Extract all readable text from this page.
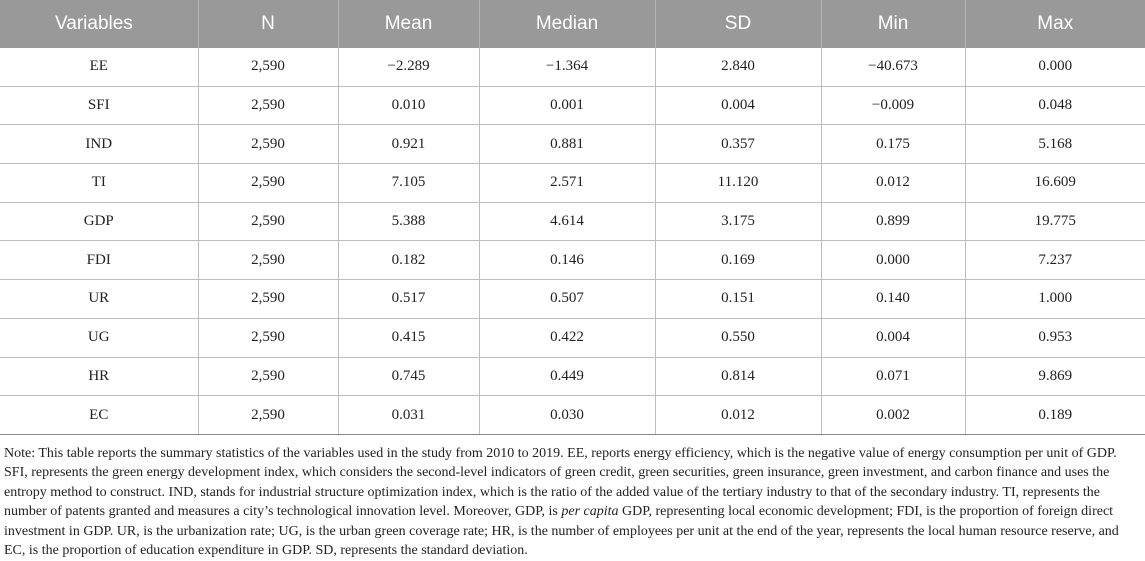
Variables	N	Mean	Median	SD	Min	Max
EE	2,590	−2.289	−1.364	2.840	−40.673	0.000
SFI	2,590	0.010	0.001	0.004	−0.009	0.048
IND	2,590	0.921	0.881	0.357	0.175	5.168
TI	2,590	7.105	2.571	11.120	0.012	16.609
GDP	2,590	5.388	4.614	3.175	0.899	19.775
FDI	2,590	0.182	0.146	0.169	0.000	7.237
UR	2,590	0.517	0.507	0.151	0.140	1.000
UG	2,590	0.415	0.422	0.550	0.004	0.953
HR	2,590	0.745	0.449	0.814	0.071	9.869
EC	2,590	0.031	0.030	0.012	0.002	0.189
Note: This table reports the summary statistics of the variables used in the study from 2010 to 2019. EE, reports energy efficiency, which is the negative value of energy consumption per unit of GDP. SFI, represents the green energy development index, which considers the second-level indicators of green credit, green securities, green insurance, green investment, and carbon finance and uses the entropy method to construct. IND, stands for industrial structure optimization index, which is the ratio of the added value of the tertiary industry to that of the secondary industry. TI, represents the number of patents granted and measures a city’s technological innovation level. Moreover, GDP, is per capita GDP, representing local economic development; FDI, is the proportion of foreign direct investment in GDP. UR, is the urbanization rate; UG, is the urban green coverage rate; HR, is the number of employees per unit at the end of the year, represents the local human resource reserve, and EC, is the proportion of education expenditure in GDP. SD, represents the standard deviation.
